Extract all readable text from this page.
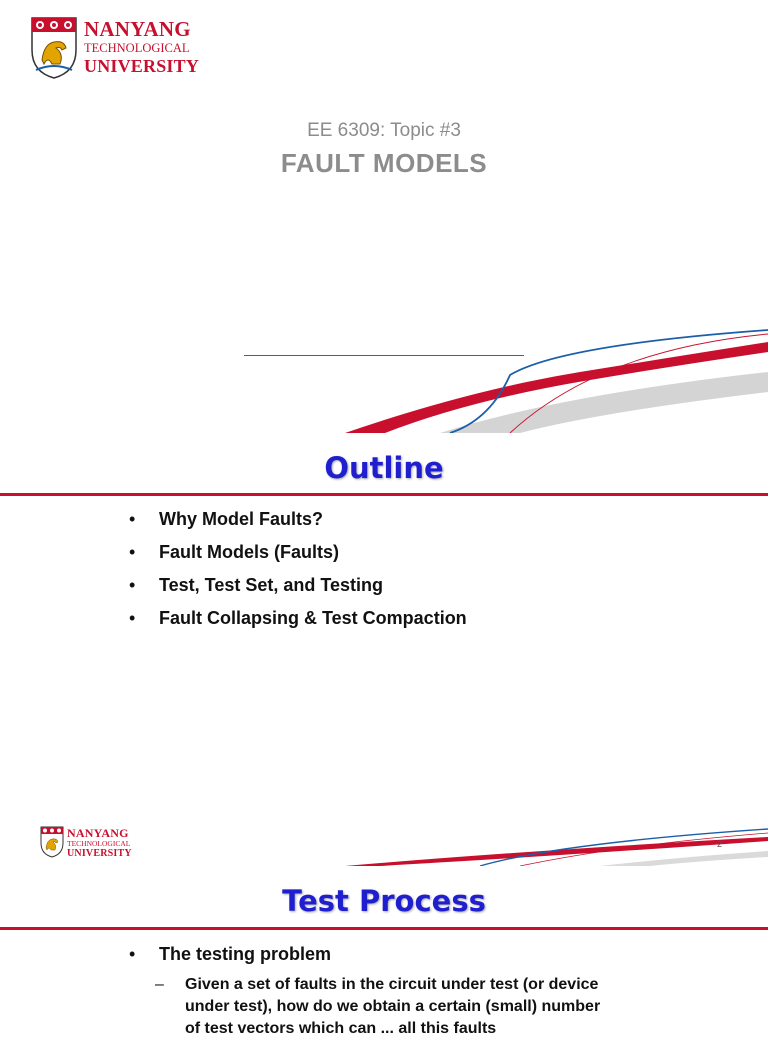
NANYANG
TECHNOLOGICAL
UNIVERSITY
EE 6309: Topic #3
FAULT MODELS
Outline
•	Why Model Faults?
•	Fault Models (Faults)
•	Test, Test Set, and Testing
•	Fault Collapsing & Test Compaction
NANYANG
TECHNOLOGICAL
UNIVERSITY
2
Test Process
•	The testing problem
–	Given a set of faults in the circuit under test (or device
under test), how do we obtain a certain (small) number
of test vectors which can ... all this faults
